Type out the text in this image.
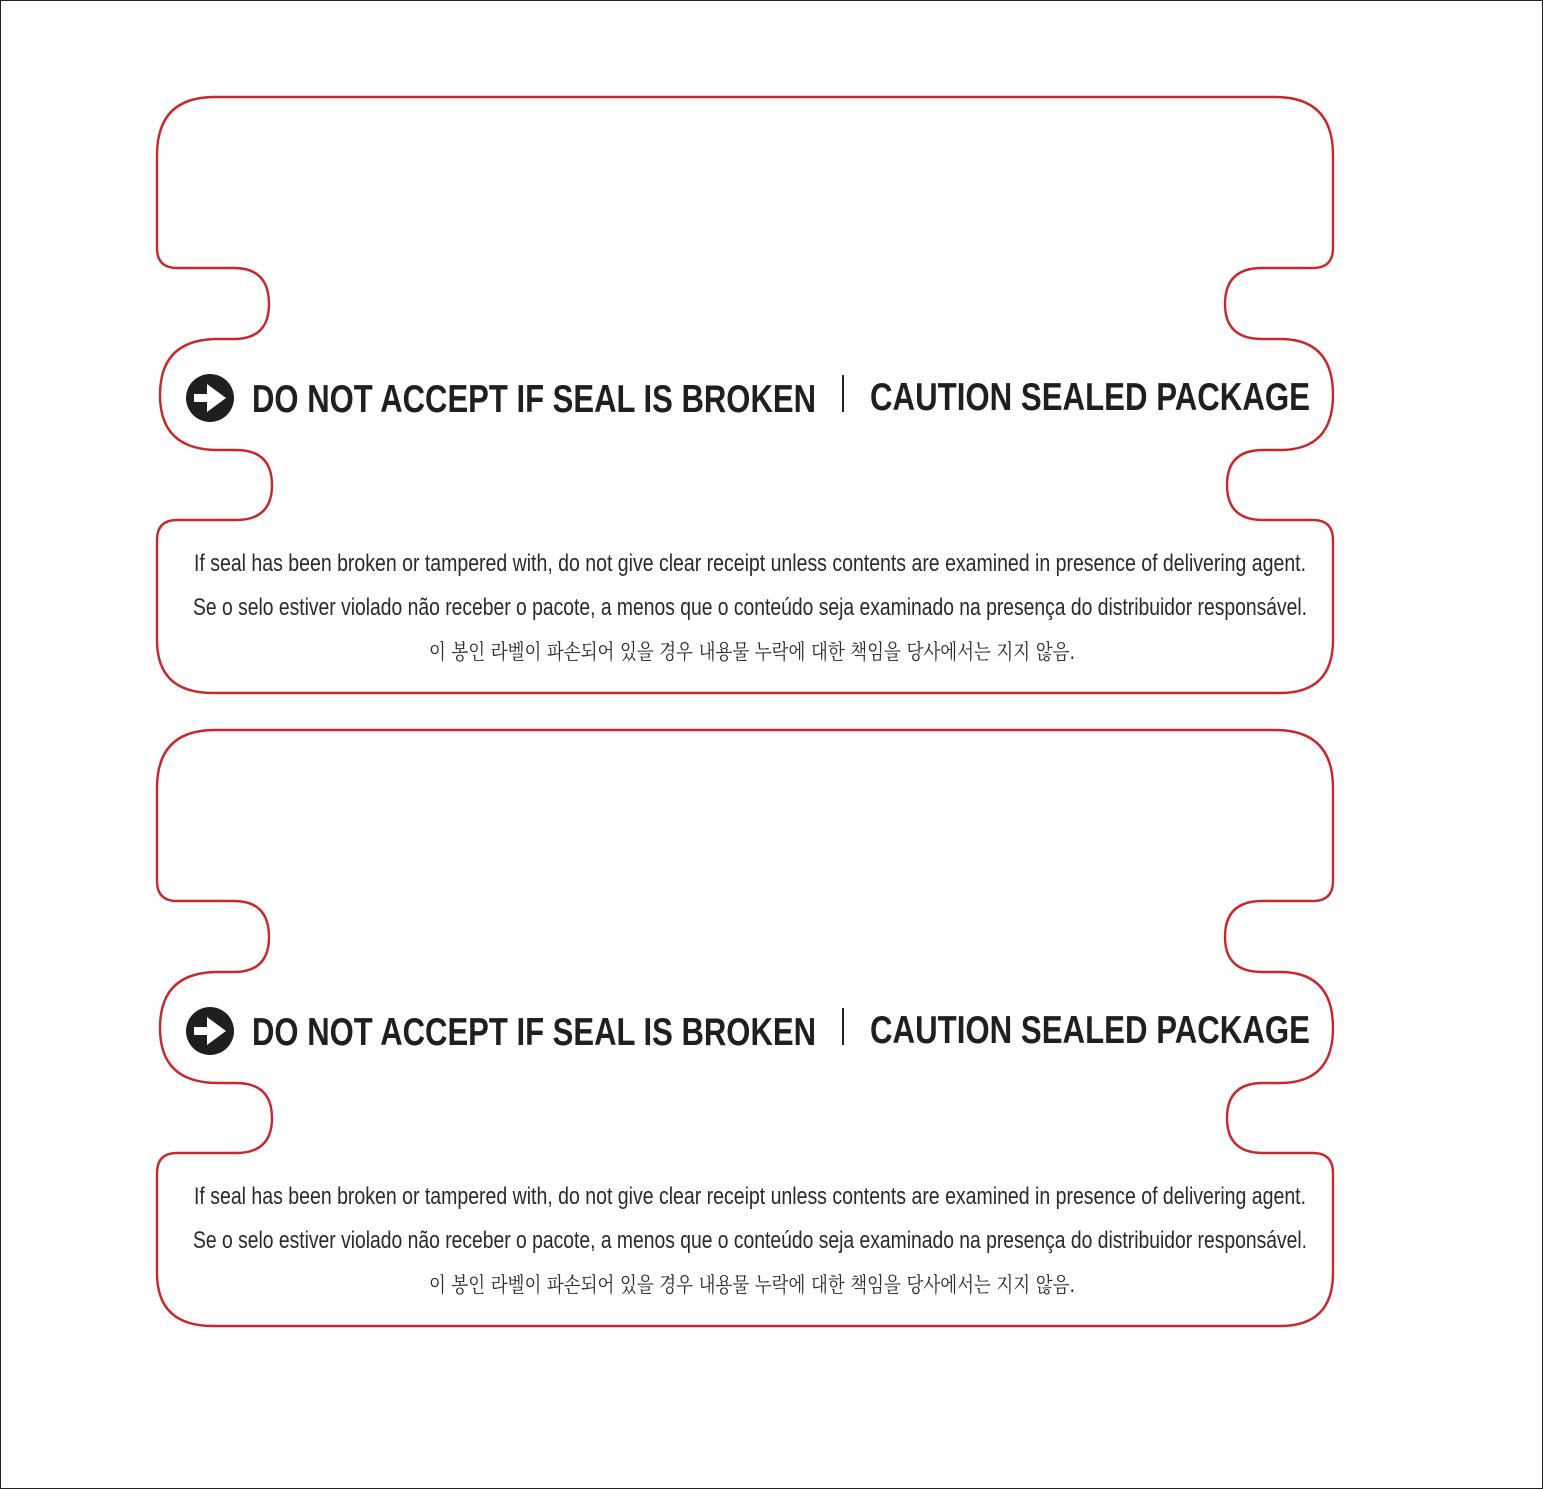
DO NOT ACCEPT IF SEAL IS BROKEN CAUTION SEALED PACKAGE
If seal has been broken or tampered with, do not give clear receipt unless contents are examined in presence of delivering agent.
Se o selo estiver violado não receber o pacote, a menos que o conteúdo seja examinado na presença do distribuidor responsável.
이 봉인 라벨이 파손되어 있을 경우 내용물 누락에 대한 책임을 당사에서는 지지 않음.
DO NOT ACCEPT IF SEAL IS BROKEN CAUTION SEALED PACKAGE
If seal has been broken or tampered with, do not give clear receipt unless contents are examined in presence of delivering agent.
Se o selo estiver violado não receber o pacote, a menos que o conteúdo seja examinado na presença do distribuidor responsável.
이 봉인 라벨이 파손되어 있을 경우 내용물 누락에 대한 책임을 당사에서는 지지 않음.
